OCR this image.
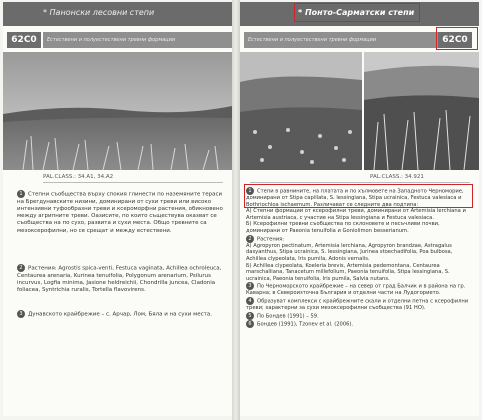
* Панонски лесовни степи
62С0	Естествени и полуестествени тревни формации
PAL.CLASS.: 34.А1, 34.А2
1 Степни съобщества върху спокия глинести по наземяните тераси на Брегдунавските низини, доминирани от сухи треви или високо интензивни туфообразни треви и ксероморфни растения, обикновено между агрипните треви. Оазисите, по които съществува оказват се съобщества на по сухо, развита и сухи места. Общо тревните са мезоксерофилни, но се срещат и между естествени.
2 Растения: Agrostis spica-venti, Festuca vaginata, Achillea ochroleuca, Centaurea arenaria, Kurinea tenuifolia, Polygonum arenarium, Psilurus incurvus, Logfia minima, Jasione heldreichii, Chondrilla juncea, Cladonia foliacea, Syntrichia ruralis, Tortella flavovirens.
3 Дунавското крайбрежие – с. Арчар, Лом, Бяла и на сухи места.
* Понто-Сарматски степи
62С0
Естествени и полуестествени тревни формации
PAL.CLASS.: 34.921
1 Степи в равнините, на платата и по хълмовете на Западното Черноморие, доминирани от Stipa capillata, S. lessingiana, Stipa ucrainica, Festuca valesiaca и Bothriochloa ischaemum. Различават се следните два подтипа:
А) Степни формации от ксерофилни треви, доминирани от Artemisia lerchiana и Artemisia austriaca, с участие на Stipa lessingiana и Festuca valesiaca.
Б) Ксерофилни тревни съобщества по склоновете и песъчливи почви, доминирани от Paeonia tenuifolia и Goniolimon besserianum.
2 Растения:
А) Agropyron pectinatum, Artemisia lerchiana, Agropyron brandzae, Astragalus dasyanthus, Stipa ucrainica, S. lessingiana, Jurinea stoechadifolia, Poa bulbosa, Achillea clypeolata, Iris pumila, Adonis vernalis.
Б) Achillea clypeolata, Koeleria brevis, Artemisia pedemontana, Centaurea marschalliana, Tanacetum millefolium, Paeonia tenuifolia, Stipa lessingiana, S. ucrainica, Paeonia tenuifolia, Iris pumila, Salvia nutans.
3 По Черноморското крайбрежие – на север от град Балчик и в района на гр. Каварна; в Североизточна България и отделни части на Лудогорието.
4 Образуват комплекси с крайбрежните скали и отделни петна с ксерофилни треви; характерни за сухи мезоксерофилни съобщества (91 НО).
5 По Бондев (1991) – 59.
6 Бондев (1991), Tzonev et al. (2006).
